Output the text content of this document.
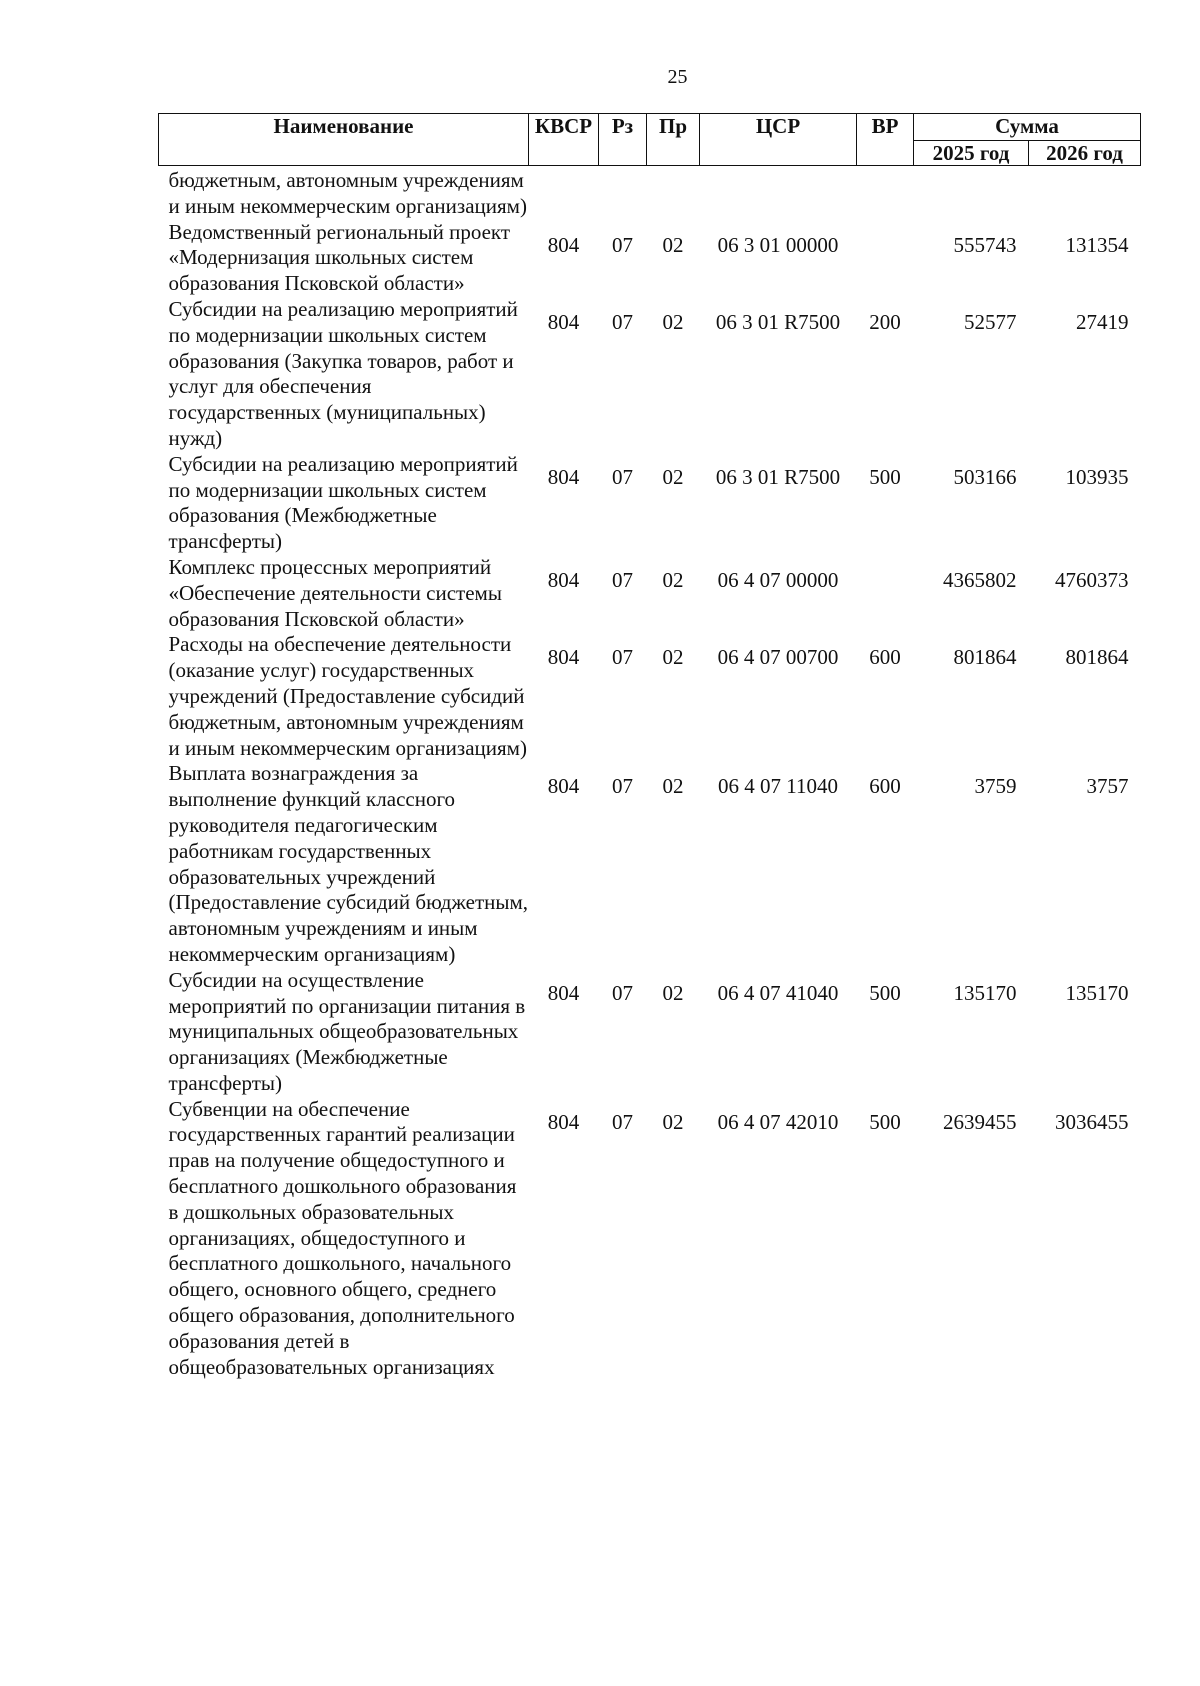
25
Наименование	КВСР	Рз	Пр	ЦСР	ВР	Сумма	
						2025 год	2026 год
бюджетным, автономным учреждениям и иным некоммерческим организациям)							
Ведомственный региональный проект «Модернизация школьных систем образования Псковской области»	804	07	02	06 3 01 00000		555743	131354
Субсидии на реализацию мероприятий по модернизации школьных систем образования (Закупка товаров, работ и услуг для обеспечения государственных (муниципальных) нужд)	804	07	02	06 3 01 R7500	200	52577	27419
Субсидии на реализацию мероприятий по модернизации школьных систем образования (Межбюджетные трансферты)	804	07	02	06 3 01 R7500	500	503166	103935
Комплекс процессных мероприятий «Обеспечение деятельности системы образования Псковской области»	804	07	02	06 4 07 00000		4365802	4760373
Расходы на обеспечение деятельности (оказание услуг) государственных учреждений (Предоставление субсидий бюджетным, автономным учреждениям и иным некоммерческим организациям)	804	07	02	06 4 07 00700	600	801864	801864
Выплата вознаграждения за выполнение функций классного руководителя педагогическим работникам государственных образовательных учреждений (Предоставление субсидий бюджетным, автономным учреждениям и иным некоммерческим организациям)	804	07	02	06 4 07 11040	600	3759	3757
Субсидии на осуществление мероприятий по организации питания в муниципальных общеобразовательных организациях (Межбюджетные трансферты)	804	07	02	06 4 07 41040	500	135170	135170
Субвенции на обеспечение государственных гарантий реализации прав на получение общедоступного и бесплатного дошкольного образования в дошкольных образовательных организациях, общедоступного и бесплатного дошкольного, начального общего, основного общего, среднего общего образования, дополнительного образования детей в общеобразовательных организациях	804	07	02	06 4 07 42010	500	2639455	3036455
